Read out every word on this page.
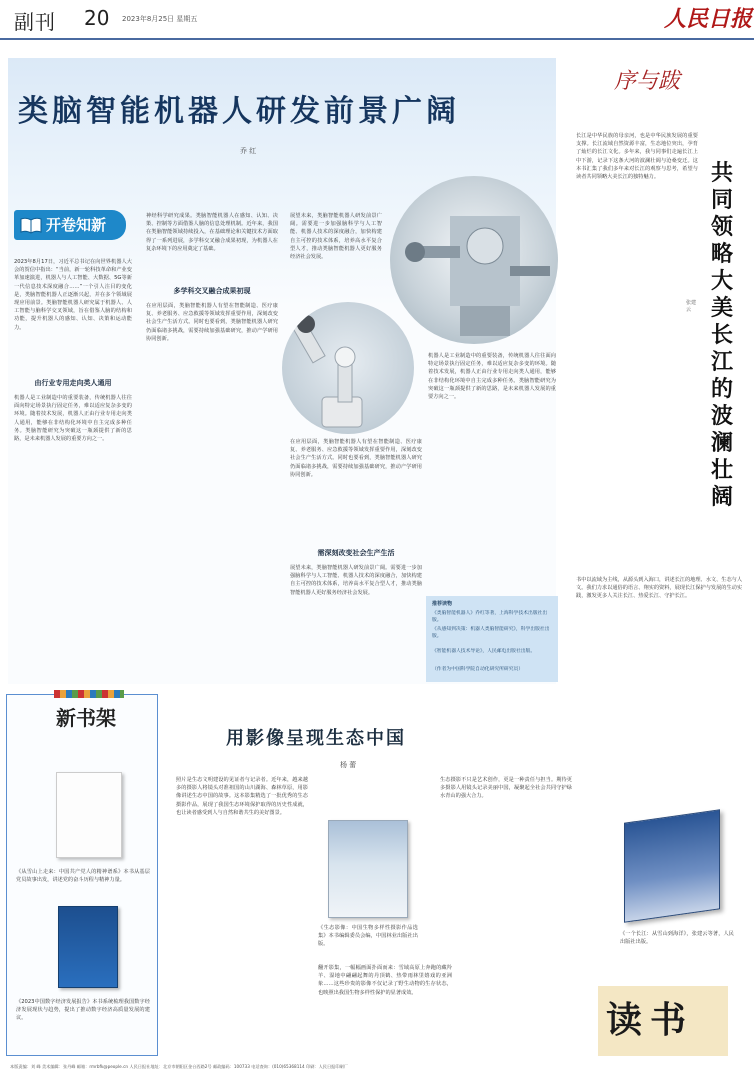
副刊 20 2023年8月25日 星期五	人民日报
类脑智能机器人研发前景广阔
乔 红
开卷知新
2023年8月17日，习近平总书记在向世界机器人大会的贺信中指出：“当前，新一轮科技革命和产业变革加速演进，机器人与人工智能、大数据、5G等新一代信息技术深度融合……”一个引人注目的变化是，类脑智能机器人正逐渐兴起，并在多个领域展现应用前景。类脑智能机器人研究属于机器人、人工智能与脑科学交叉领域，旨在借鉴人脑的结构和功能，提升机器人的感知、认知、决策和运动能力。
由行业专用走向类人通用
机器人是工业制造中的重要装备，传统机器人往往面向特定场景执行固定任务，难以适应复杂多变的环境。随着技术发展，机器人正由行业专用走向类人通用，能够在非结构化环境中自主完成多种任务。类脑智能研究为突破这一瓶颈提供了新的思路，是未来机器人发展的重要方向之一。
神经科学研究成果。类脑智能机器人在感知、认知、决策、控制等方面借鉴人脑的信息处理机制。近年来，我国在类脑智能领域持续投入，在基础理论和关键技术方面取得了一系列进展，多学科交叉融合成果初现，为机器人在复杂环境下的应用奠定了基础。
多学科交叉融合成果初现
在应用层面，类脑智能机器人有望在智能制造、医疗康复、养老服务、应急救援等领域发挥重要作用，深刻改变社会生产生活方式。同时也要看到，类脑智能机器人研究仍面临诸多挑战，需要持续加强基础研究，推动产学研用协同创新。
展望未来，类脑智能机器人研发前景广阔。需要进一步加强脑科学与人工智能、机器人技术的深度融合，加快构建自主可控的技术体系，培养高水平复合型人才，推动类脑智能机器人更好服务经济社会发展。
在应用层面，类脑智能机器人有望在智能制造、医疗康复、养老服务、应急救援等领域发挥重要作用，深刻改变社会生产生活方式。同时也要看到，类脑智能机器人研究仍面临诸多挑战，需要持续加强基础研究，推动产学研用协同创新。
需深刻改变社会生产生活
展望未来，类脑智能机器人研发前景广阔。需要进一步加强脑科学与人工智能、机器人技术的深度融合，加快构建自主可控的技术体系，培养高水平复合型人才，推动类脑智能机器人更好服务经济社会发展。
机器人是工业制造中的重要装备，传统机器人往往面向特定场景执行固定任务，难以适应复杂多变的环境。随着技术发展，机器人正由行业专用走向类人通用，能够在非结构化环境中自主完成多种任务。类脑智能研究为突破这一瓶颈提供了新的思路，是未来机器人发展的重要方向之一。
推荐读物
《类脑智能机器人》乔红等著，上海科学技术出版社出版。
《从感知到决策：机器人类脑智能研究》，科学出版社出版。
《智能机器人技术导论》，人民邮电出版社出版。
（作者为中国科学院自动化研究所研究员）
序与跋
长江是中华民族的母亲河，也是中华民族发展的重要支撑。长江流域自然资源丰富，生态地位突出，孕育了灿烂的长江文化。多年来，我与同事们走遍长江上中下游，记录下这条大河的波澜壮阔与沧桑变迁。这本书汇集了我们多年来对长江的观察与思考，希望与读者共同领略大美长江的独特魅力。	共
同
领
略
大
美
长
江
的
波
澜
壮
阔
张建云
书中以流域为主线，从源头到入海口，讲述长江的地理、水文、生态与人文。我们力求以通俗的语言、翔实的资料，展现长江保护与发展的生动实践，激发更多人关注长江、热爱长江、守护长江。
《一个长江：从雪山到海洋》，张建云等著，人民出版社出版。
新书架
《从雪山上走来：中国共产党人的精神谱系》本书从基层党员故事出发，讲述党的奋斗历程与精神力量。
《2023中国数字经济发展报告》本书系统梳理我国数字经济发展现状与趋势，提出了推动数字经济高质量发展的建议。
用影像呈现生态中国
杨 蕾
照片是生态文明建设的见证者与记录者。近年来，越来越多的摄影人将镜头对准祖国的山川湖海、森林草原，用影像讲述生态中国的故事。这本影集精选了一批优秀的生态摄影作品，展现了我国生态环境保护取得的历史性成就，也让读者感受到人与自然和谐共生的美好图景。
《生态影像：中国生物多样性摄影作品选集》本书编辑委员会编，中国林业出版社出版。
翻开影集，一幅幅画面扑面而来：雪域高原上奔跑的藏羚羊、湿地中翩翩起舞的丹顶鹤、热带雨林里嬉戏的亚洲象……这些珍贵的影像不仅记录了野生动物的生存状态，也映照出我国生物多样性保护的显著成效。
生态摄影不只是艺术创作，更是一种责任与担当。期待更多摄影人用镜头记录美丽中国，凝聚起全社会共同守护绿水青山的强大合力。
读书
本版责编：刘 峰 美术编辑：张丹峰 邮箱：rmrbfk@people.cn 人民日报社地址：北京市朝阳区金台西路2号 邮政编码：100733 电话查询：(010)65368114 印刷：人民日报印刷厂
